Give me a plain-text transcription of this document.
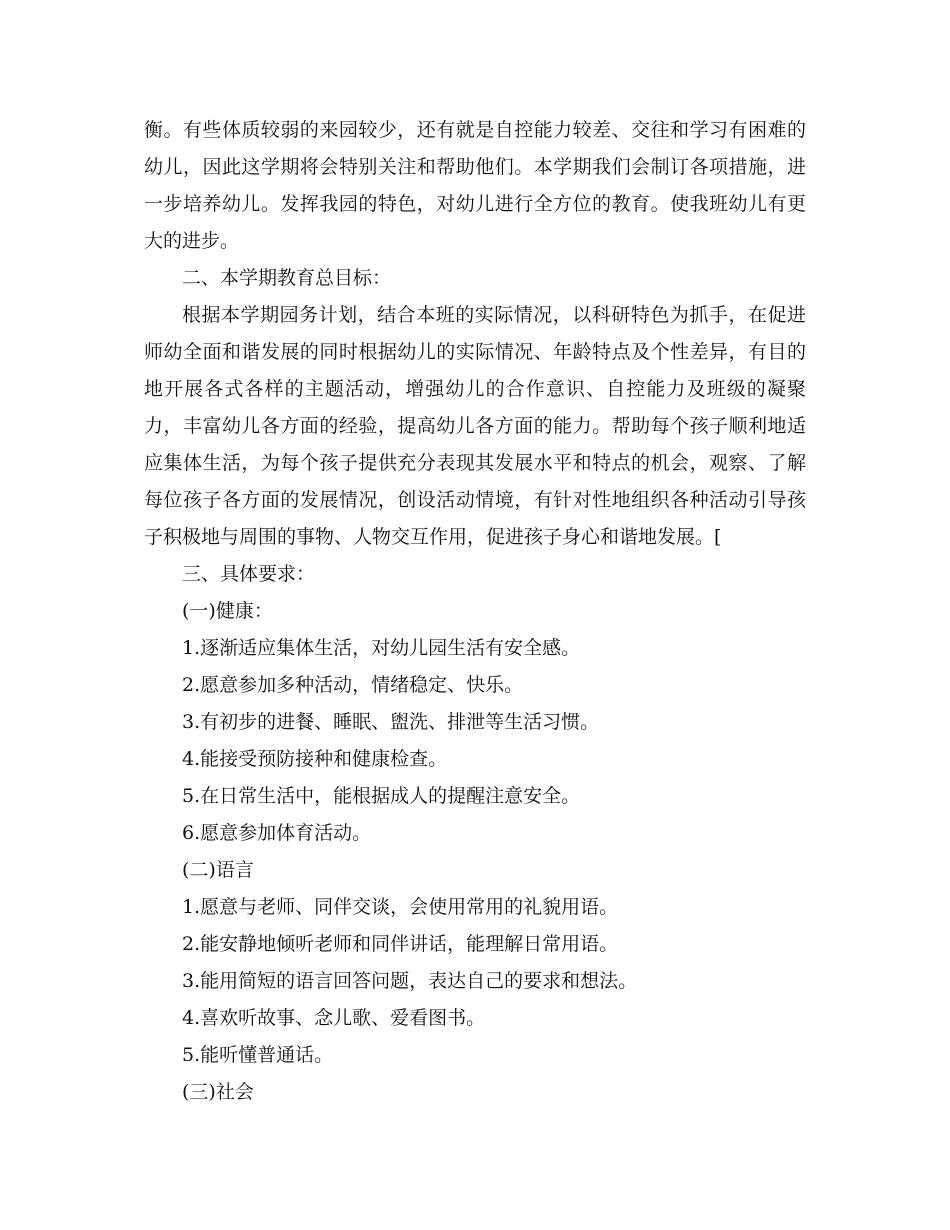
衡。有些体质较弱的来园较少，还有就是自控能力较差、交往和学习有困难的幼儿，因此这学期将会特别关注和帮助他们。本学期我们会制订各项措施，进一步培养幼儿。发挥我园的特色，对幼儿进行全方位的教育。使我班幼儿有更大的进步。

二、本学期教育总目标：

根据本学期园务计划，结合本班的实际情况，以科研特色为抓手，在促进师幼全面和谐发展的同时根据幼儿的实际情况、年龄特点及个性差异，有目的地开展各式各样的主题活动，增强幼儿的合作意识、自控能力及班级的凝聚力，丰富幼儿各方面的经验，提高幼儿各方面的能力。帮助每个孩子顺利地适应集体生活，为每个孩子提供充分表现其发展水平和特点的机会，观察、了解每位孩子各方面的发展情况，创设活动情境，有针对性地组织各种活动引导孩子积极地与周围的事物、人物交互作用，促进孩子身心和谐地发展。[

三、具体要求：

(一)健康：

1.逐渐适应集体生活，对幼儿园生活有安全感。

2.愿意参加多种活动，情绪稳定、快乐。

3.有初步的进餐、睡眠、盥洗、排泄等生活习惯。

4.能接受预防接种和健康检查。

5.在日常生活中，能根据成人的提醒注意安全。

6.愿意参加体育活动。

(二)语言

1.愿意与老师、同伴交谈，会使用常用的礼貌用语。

2.能安静地倾听老师和同伴讲话，能理解日常用语。

3.能用简短的语言回答问题，表达自己的要求和想法。

4.喜欢听故事、念儿歌、爱看图书。

5.能听懂普通话。

(三)社会
